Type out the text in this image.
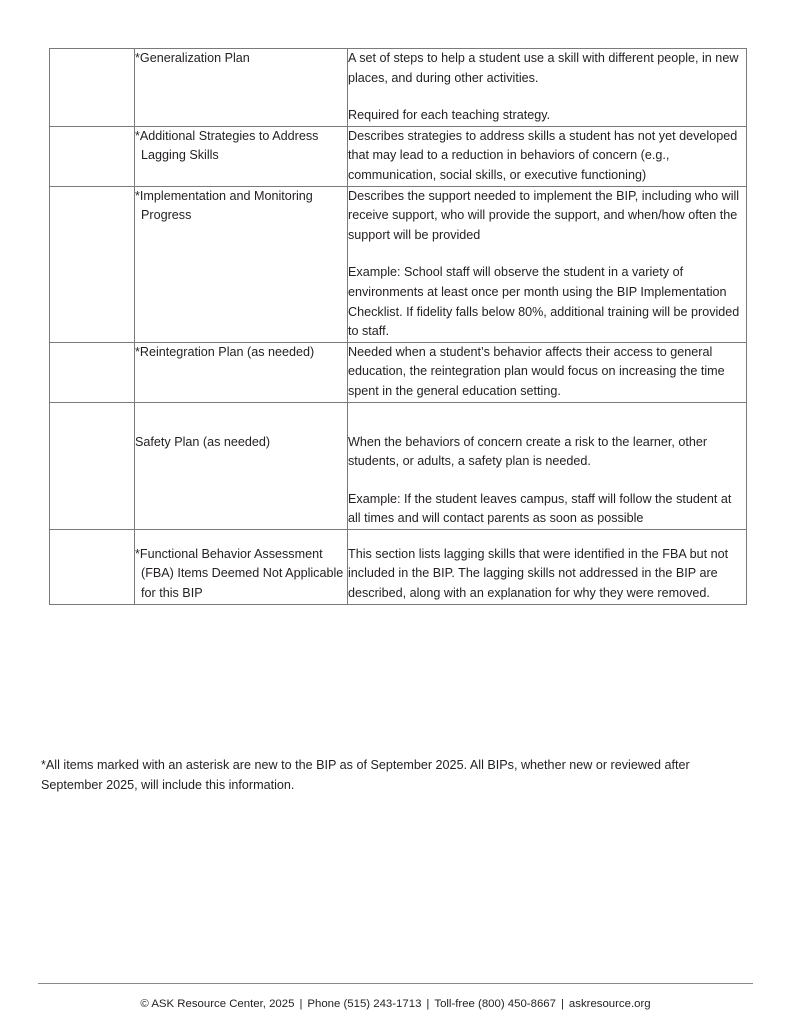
	*Generalization Plan	A set of steps to help a student use a skill with different people, in new places, and during other activities.

Required for each teaching strategy.

	*Additional Strategies to Address Lagging Skills	Describes strategies to address skills a student has not yet developed that may lead to a reduction in behaviors of concern (e.g., communication, social skills, or executive functioning)

	*Implementation and Monitoring Progress	Describes the support needed to implement the BIP, including who will receive support, who will provide the support, and when/how often the support will be provided

Example: School staff will observe the student in a variety of environments at least once per month using the BIP Implementation Checklist. If fidelity falls below 80%, additional training will be provided to staff.

	*Reintegration Plan (as needed)	Needed when a student’s behavior affects their access to general education, the reintegration plan would focus on increasing the time spent in the general education setting.

	Safety Plan (as needed)	When the behaviors of concern create a risk to the learner, other students, or adults, a safety plan is needed.

Example: If the student leaves campus, staff will follow the student at all times and will contact parents as soon as possible

	*Functional Behavior Assessment (FBA) Items Deemed Not Applicable for this BIP	This section lists lagging skills that were identified in the FBA but not included in the BIP. The lagging skills not addressed in the BIP are described, along with an explanation for why they were removed.

*All items marked with an asterisk are new to the BIP as of September 2025. All BIPs, whether new or reviewed after September 2025, will include this information.
© ASK Resource Center, 2025 | Phone (515) 243-1713 | Toll-free (800) 450-8667 | askresource.org
